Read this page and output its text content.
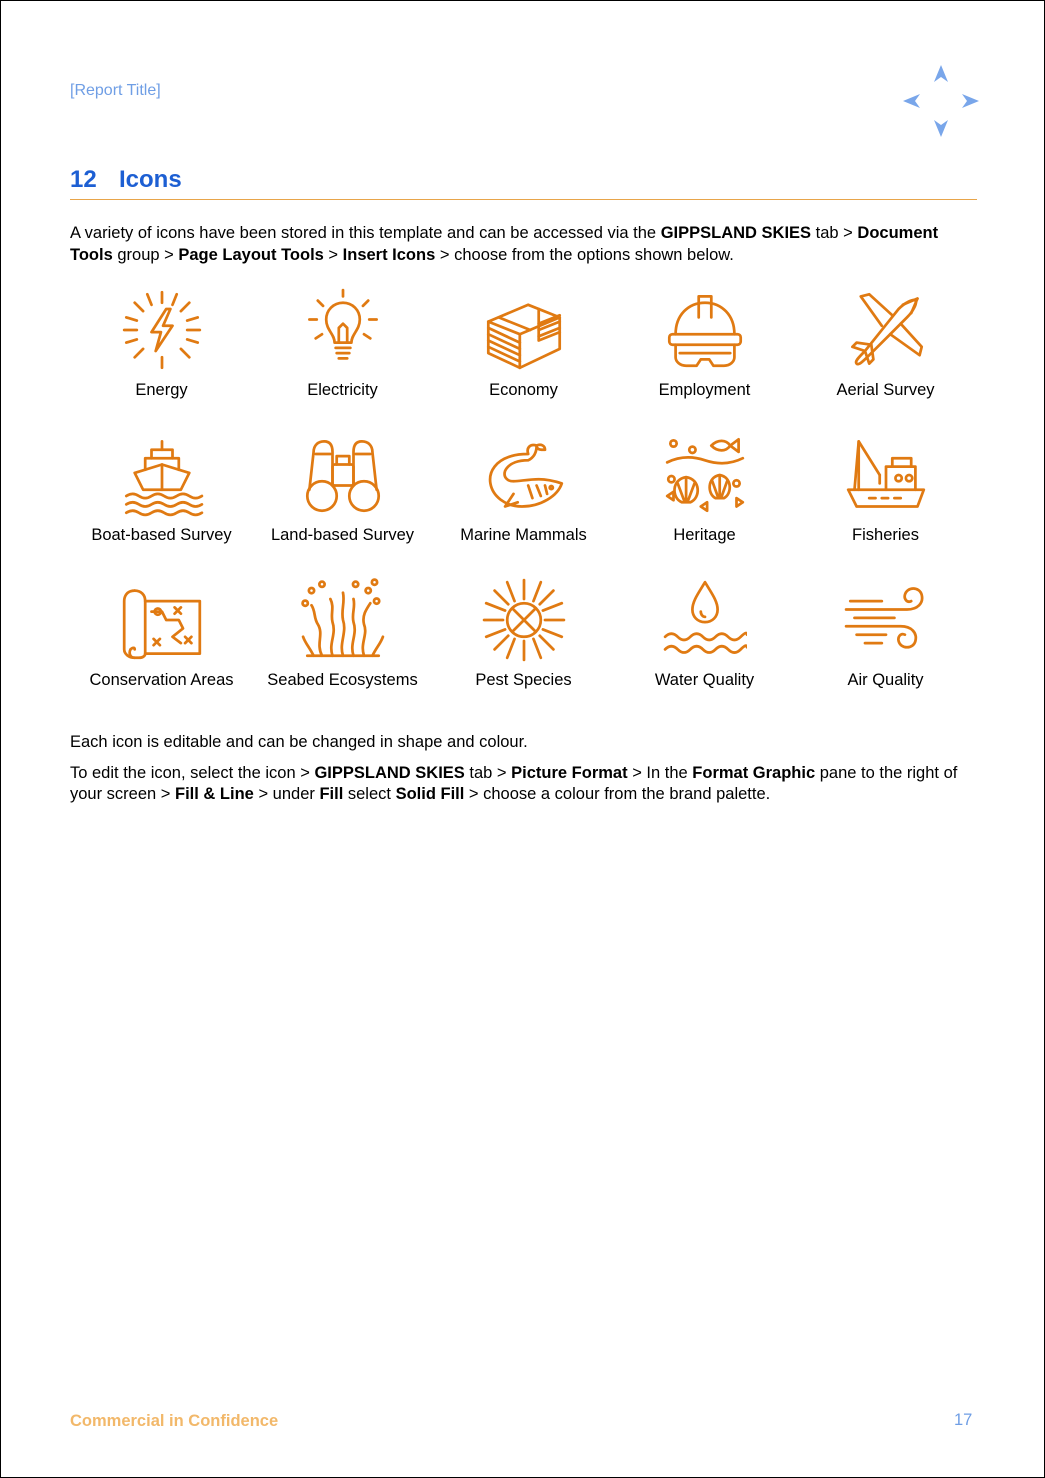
[Report Title]
12 Icons
A variety of icons have been stored in this template and can be accessed via the GIPPSLAND SKIES tab > Document Tools group > Page Layout Tools > Insert Icons > choose from the options shown below.
Energy	Electricity	Economy	Employment	Aerial Survey
Boat-based Survey	Land-based Survey	Marine Mammals	Heritage	Fisheries
Conservation Areas	Seabed Ecosystems	Pest Species	Water Quality	Air Quality
Each icon is editable and can be changed in shape and colour.
To edit the icon, select the icon > GIPPSLAND SKIES tab > Picture Format > In the Format Graphic pane to the right of your screen > Fill & Line > under Fill select Solid Fill > choose a colour from the brand palette.
Commercial in Confidence	17
